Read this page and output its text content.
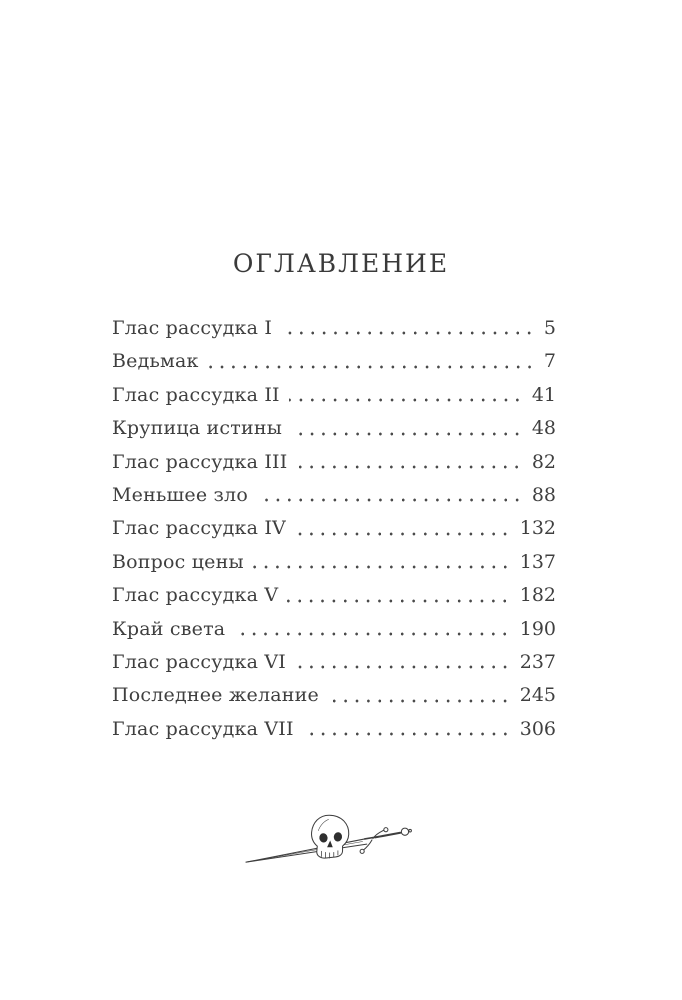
ОГЛАВЛЕНИЕ
Глас рассудка I	5
Ведьмак	7
Глас рассудка II	41
Крупица истины	48
Глас рассудка III	82
Меньшее зло	88
Глас рассудка IV	132
Вопрос цены	137
Глас рассудка V	182
Край света	190
Глас рассудка VI	237
Последнее желание	245
Глас рассудка VII	306
